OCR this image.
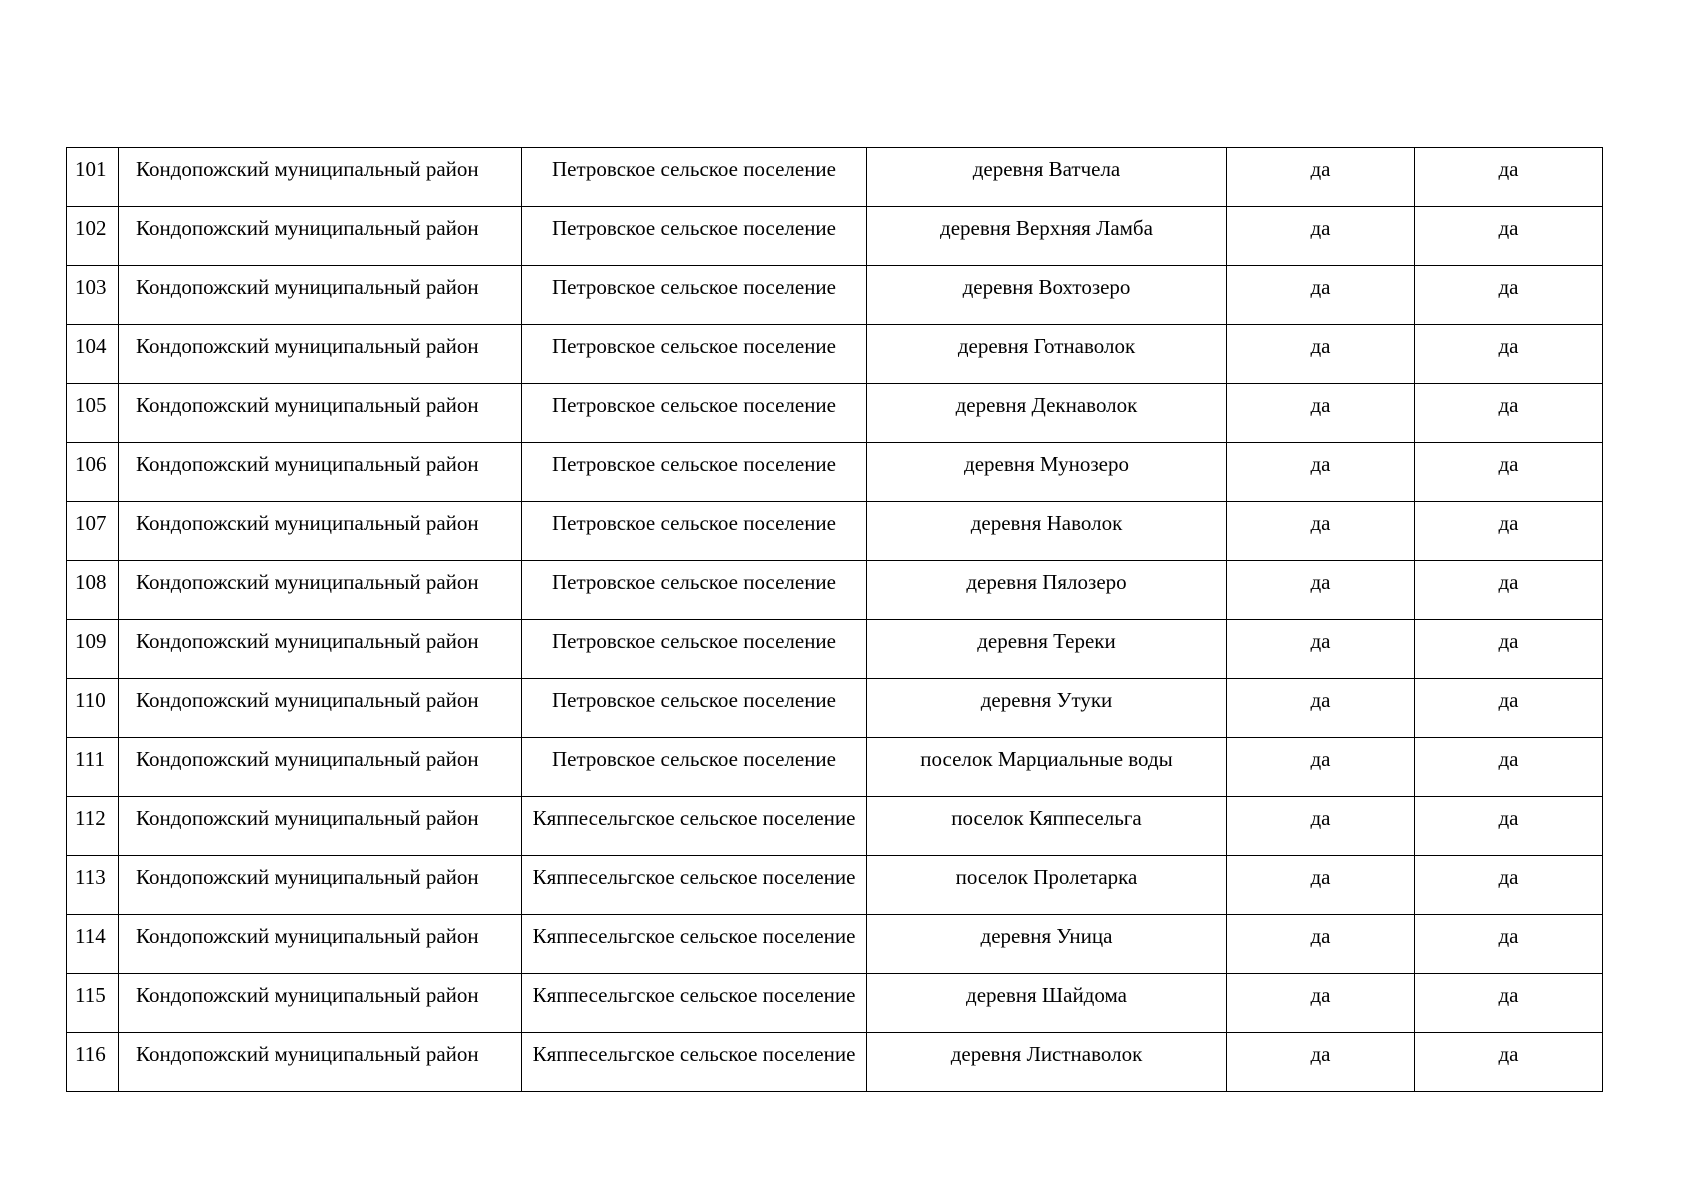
101	Кондопожский муниципальный район	Петровское сельское поселение	деревня Ватчела	да	да

102	Кондопожский муниципальный район	Петровское сельское поселение	деревня Верхняя Ламба	да	да

103	Кондопожский муниципальный район	Петровское сельское поселение	деревня Вохтозеро	да	да

104	Кондопожский муниципальный район	Петровское сельское поселение	деревня Готнаволок	да	да

105	Кондопожский муниципальный район	Петровское сельское поселение	деревня Декнаволок	да	да

106	Кондопожский муниципальный район	Петровское сельское поселение	деревня Мунозеро	да	да

107	Кондопожский муниципальный район	Петровское сельское поселение	деревня Наволок	да	да

108	Кондопожский муниципальный район	Петровское сельское поселение	деревня Пялозеро	да	да

109	Кондопожский муниципальный район	Петровское сельское поселение	деревня Тереки	да	да

110	Кондопожский муниципальный район	Петровское сельское поселение	деревня Утуки	да	да

111	Кондопожский муниципальный район	Петровское сельское поселение	поселок Марциальные воды	да	да

112	Кондопожский муниципальный район	Кяппесельгское сельское поселение	поселок Кяппесельга	да	да

113	Кондопожский муниципальный район	Кяппесельгское сельское поселение	поселок Пролетарка	да	да

114	Кондопожский муниципальный район	Кяппесельгское сельское поселение	деревня Уница	да	да

115	Кондопожский муниципальный район	Кяппесельгское сельское поселение	деревня Шайдома	да	да

116	Кондопожский муниципальный район	Кяппесельгское сельское поселение	деревня Листнаволок	да	да
